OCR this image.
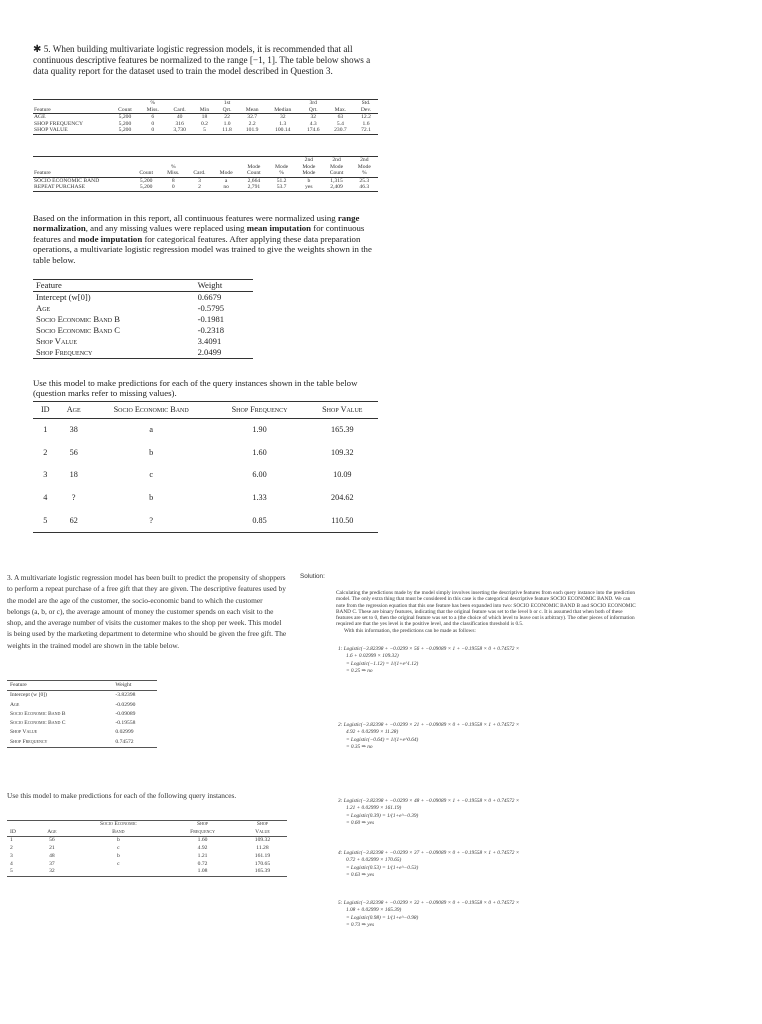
✱ 5. When building multivariate logistic regression models, it is recommended that all continuous descriptive features be normalized to the range [−1, 1]. The table below shows a data quality report for the dataset used to train the model described in Question 3.

		%			1st			3rd		Std.
Feature	Count	Miss.	Card.	Min	Qrt.	Mean	Median	Qrt.	Max.	Dev.
AGE	5,200	6	40	18	22	32.7	32	32	63	12.2
SHOP FREQUENCY	5,200	0	316	0.2	1.0	2.2	1.3	4.3	5.4	1.6
SHOP VALUE	5,200	0	3,730	5	11.8	101.9	100.14	174.6	230.7	72.1
							2nd	2nd	2nd
		%			Mode	Mode	Mode	Mode	Mode
Feature	Count	Miss.	Card.	Mode	Count	%	Mode	Count	%
SOCIO ECONOMIC BAND	5,200	8	3	a	2,664	51.2	b	1,315	25.3
REPEAT PURCHASE	5,200	0	2	no	2,791	53.7	yes	2,409	46.3
Based on the information in this report, all continuous features were normalized using range normalization, and any missing values were replaced using mean imputation for continuous features and mode imputation for categorical features. After applying these data preparation operations, a multivariate logistic regression model was trained to give the weights shown in the table below.
Feature	Weight
Intercept (w[0])	0.6679
Age	-0.5795
Socio Economic Band B	-0.1981
Socio Economic Band C	-0.2318
Shop Value	3.4091
Shop Frequency	2.0499
Use this model to make predictions for each of the query instances shown in the table below (question marks refer to missing values).
ID	Age	Socio Economic Band	Shop Frequency	Shop Value
1	38	a	1.90	165.39
2	56	b	1.60	109.32
3	18	c	6.00	10.09
4	?	b	1.33	204.62
5	62	?	0.85	110.50
3. A multivariate logistic regression model has been built to predict the propensity of shoppers to perform a repeat purchase of a free gift that they are given. The descriptive features used by the model are the age of the customer, the socio-economic band to which the customer belongs (a, b, or c), the average amount of money the customer spends on each visit to the shop, and the average number of visits the customer makes to the shop per week. This model is being used by the marketing department to determine who should be given the free gift. The weights in the trained model are shown in the table below.
Feature	Weight
Intercept (w [0])	-3.82398
Age	-0.02990
Socio Economic Band B	-0.09089
Socio Economic Band C	-0.19558
Shop Value	0.02999
Shop Frequency	0.74572
Use this model to make predictions for each of the following query instances.
		Socio Economic	Shop	Shop
ID	Age	Band	Frequency	Value
1	56	b	1.60	109.32
2	21	c	4.92	11.28
3	48	b	1.21	161.19
4	37	c	0.72	170.65
5	32		1.08	165.39
Solution:
Calculating the predictions made by the model simply involves inserting the descriptive features from each query instance into the prediction model. The only extra thing that must be considered in this case is the categorical descriptive feature SOCIO ECONOMIC BAND. We can note from the regression equation that this one feature has been expanded into two: SOCIO ECONOMIC BAND B and SOCIO ECONOMIC BAND C. These are binary features, indicating that the original feature was set to the level b or c. It is assumed that when both of these features are set to 0, then the original feature was set to a (the choice of which level to leave out is arbitrary). The other pieces of information required are that the yes level is the positive level, and the classification threshold is 0.5.
With this information, the predictions can be made as follows:
1: Logistic(−3.82398 + −0.0299 × 56 + −0.09089 × 1 + −0.19558 × 0 + 0.74572 ×
1.6 + 0.02999 × 109.32)
= Logistic(−1.12) = 1/(1+e^1.12)
= 0.25 ⇒ no
2: Logistic(−3.82398 + −0.0299 × 21 + −0.09089 × 0 + −0.19558 × 1 + 0.74572 ×
4.92 + 0.02999 × 11.28)
= Logistic(−0.64) = 1/(1+e^0.64)
= 0.35 ⇒ no
3: Logistic(−3.82398 + −0.0299 × 48 + −0.09089 × 1 + −0.19558 × 0 + 0.74572 ×
1.21 + 0.02999 × 161.19)
= Logistic(0.39) = 1/(1+e^−0.39)
= 0.60 ⇒ yes
4: Logistic(−3.82398 + −0.0299 × 37 + −0.09089 × 0 + −0.19558 × 1 + 0.74572 ×
0.72 + 0.02999 × 170.65)
= Logistic(0.53) = 1/(1+e^−0.53)
= 0.63 ⇒ yes
5: Logistic(−3.82398 + −0.0299 × 32 + −0.09089 × 0 + −0.19558 × 0 + 0.74572 ×
1.08 + 0.02999 × 165.39)
= Logistic(0.98) = 1/(1+e^−0.98)
= 0.73 ⇒ yes
